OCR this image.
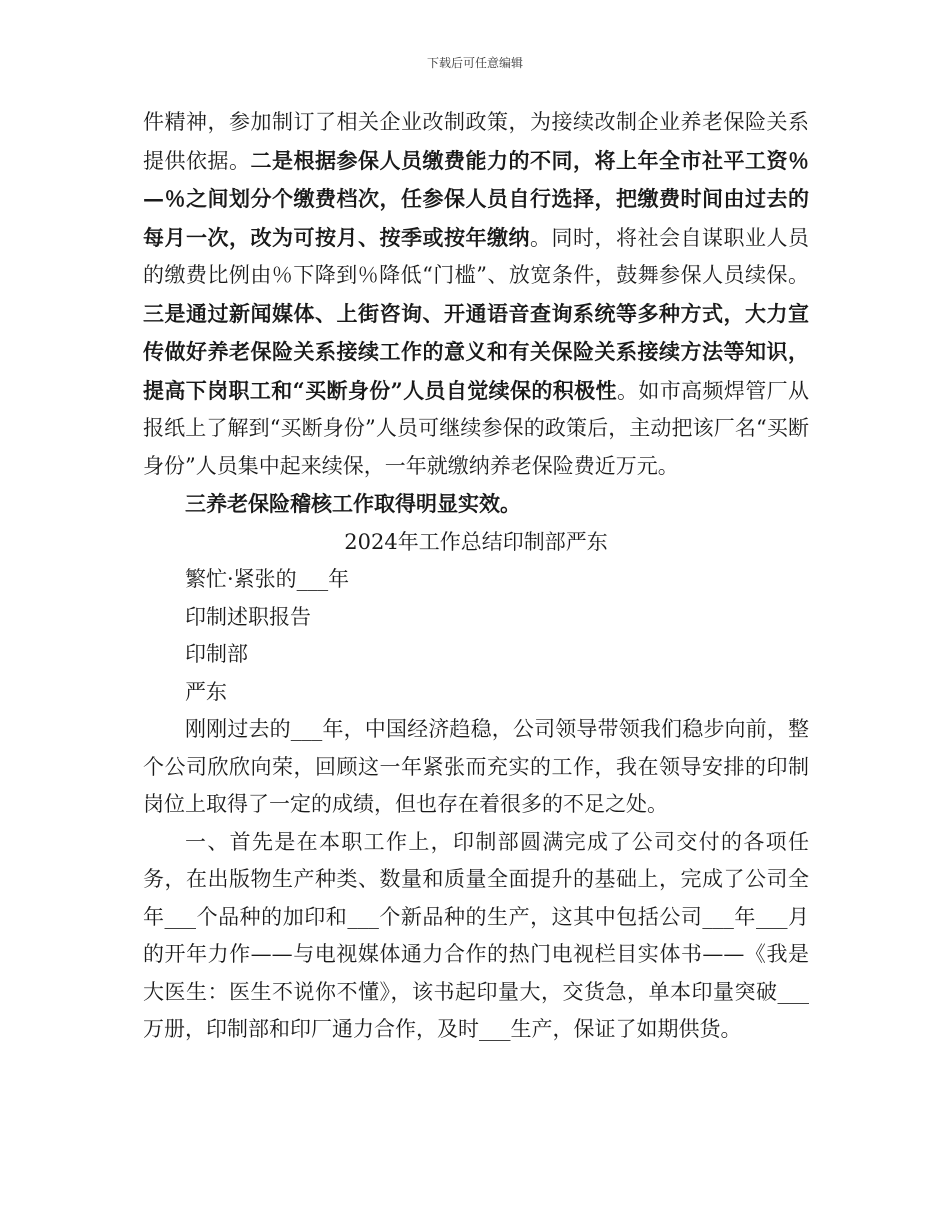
下载后可任意编辑

件精神，参加制订了相关企业改制政策，为接续改制企业养老保险关系提供依据。二是根据参保人员缴费能力的不同，将上年全市社平工资％—％之间划分个缴费档次，任参保人员自行选择，把缴费时间由过去的每月一次，改为可按月、按季或按年缴纳。同时，将社会自谋职业人员的缴费比例由％下降到％降低“门槛”、放宽条件，鼓舞参保人员续保。三是通过新闻媒体、上街咨询、开通语音查询系统等多种方式，大力宣传做好养老保险关系接续工作的意义和有关保险关系接续方法等知识，提高下岗职工和“买断身份”人员自觉续保的积极性。如市高频焊管厂从报纸上了解到“买断身份”人员可继续参保的政策后，主动把该厂名“买断身份”人员集中起来续保，一年就缴纳养老保险费近万元。

三养老保险稽核工作取得明显实效。

2024年工作总结印制部严东

繁忙·紧张的___年

印制述职报告

印制部

严东

刚刚过去的___年，中国经济趋稳，公司领导带领我们稳步向前，整个公司欣欣向荣，回顾这一年紧张而充实的工作，我在领导安排的印制岗位上取得了一定的成绩，但也存在着很多的不足之处。

一、首先是在本职工作上，印制部圆满完成了公司交付的各项任务，在出版物生产种类、数量和质量全面提升的基础上，完成了公司全年___个品种的加印和___个新品种的生产，这其中包括公司___年___月的开年力作——与电视媒体通力合作的热门电视栏目实体书——《我是大医生：医生不说你不懂》，该书起印量大，交货急，单本印量突破___万册，印制部和印厂通力合作，及时___生产，保证了如期供货。
